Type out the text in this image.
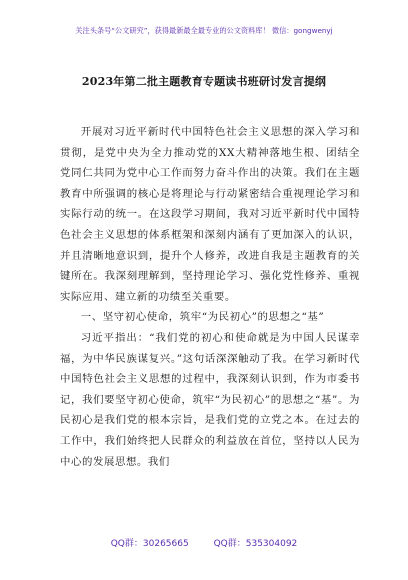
关注头条号“公文研究”，获得最新最全最专业的公文资料库！ 微信：gongwenyj
2023年第二批主题教育专题读书班研讨发言提纲

开展对习近平新时代中国特色社会主义思想的深入学习和贯彻，是党中央为全力推动党的XX大精神落地生根、团结全党同仁共同为党中心工作而努力奋斗作出的决策。我们在主题教育中所强调的核心是将理论与行动紧密结合重视理论学习和实际行动的统一。在这段学习期间，我对习近平新时代中国特色社会主义思想的体系框架和深刻内涵有了更加深入的认识，并且清晰地意识到，提升个人修养，改进自我是主题教育的关键所在。我深刻理解到，坚持理论学习、强化党性修养、重视实际应用、建立新的功绩至关重要。

一、坚守初心使命，筑牢“为民初心”的思想之“基”

习近平指出：“我们党的初心和使命就是为中国人民谋幸福，为中华民族谋复兴。”这句话深深触动了我。在学习新时代中国特色社会主义思想的过程中，我深刻认识到，作为市委书记，我们要坚守初心使命，筑牢“为民初心”的思想之“基”。为民初心是我们党的根本宗旨，是我们党的立党之本。在过去的工作中，我们始终把人民群众的利益放在首位，坚持以人民为中心的发展思想。我们

QQ群：30265665	QQ群：535304092
